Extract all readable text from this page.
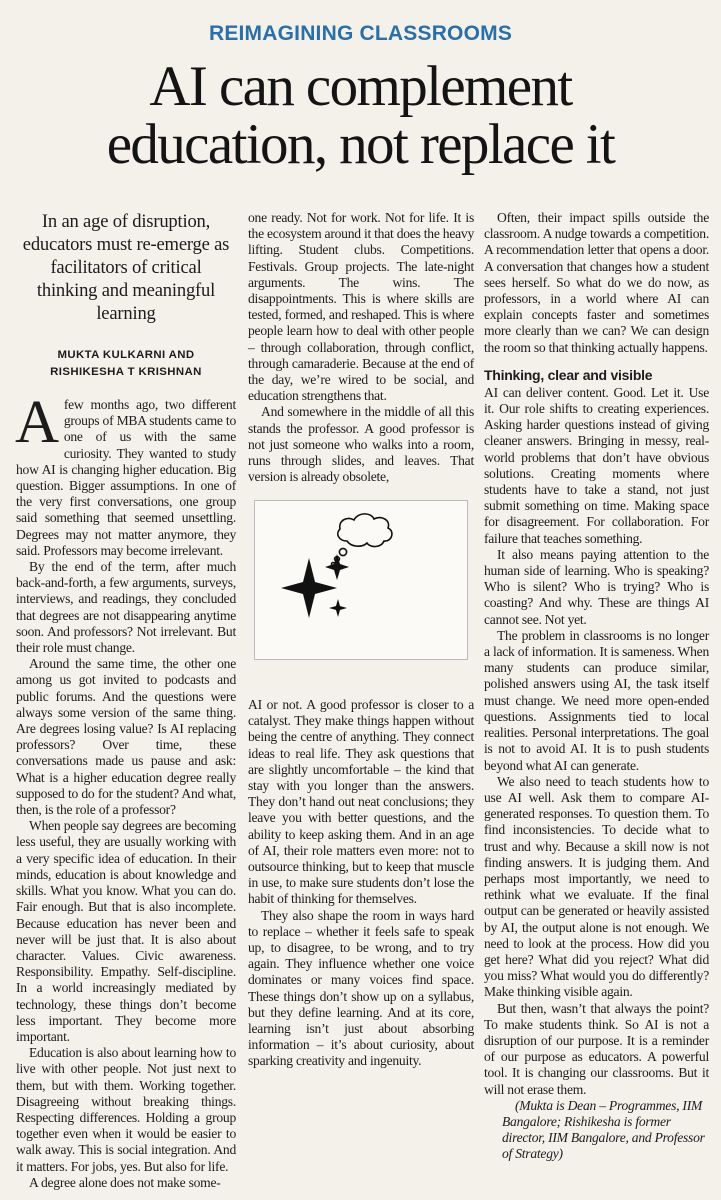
REIMAGINING CLASSROOMS
AI can complement
education, not replace it
In an age of disruption, educators must re-emerge as facilitators of critical thinking and meaningful learning
MUKTA KULKARNI AND
RISHIKESHA T KRISHNAN

Afew months ago, two different groups of MBA students came to one of us with the same curiosity. They wanted to study how AI is changing higher education. Big question. Bigger assumptions. In one of the very first conversations, one group said something that seemed unsettling. Degrees may not matter anymore, they said. Professors may become irrelevant.

By the end of the term, after much back-and-forth, a few arguments, surveys, interviews, and readings, they concluded that degrees are not disappearing anytime soon. And professors? Not irrelevant. But their role must change.

Around the same time, the other one among us got invited to podcasts and public forums. And the questions were always some version of the same thing. Are degrees losing value? Is AI replacing professors? Over time, these conversations made us pause and ask: What is a higher education degree really supposed to do for the student? And what, then, is the role of a professor?

When people say degrees are becoming less useful, they are usually working with a very specific idea of education. In their minds, education is about knowledge and skills. What you know. What you can do. Fair enough. But that is also incomplete. Because education has never been and never will be just that. It is also about character. Values. Civic awareness. Responsibility. Empathy. Self-discipline. In a world increasingly mediated by technology, these things don’t become less important. They become more important.

Education is also about learning how to live with other people. Not just next to them, but with them. Working together. Disagreeing without breaking things. Respecting differences. Holding a group together even when it would be easier to walk away. This is social integration. And it matters. For jobs, yes. But also for life.

A degree alone does not make some-

one ready. Not for work. Not for life. It is the ecosystem around it that does the heavy lifting. Student clubs. Competitions. Festivals. Group projects. The late-night arguments. The wins. The disappointments. This is where skills are tested, formed, and reshaped. This is where people learn how to deal with other people – through collaboration, through conflict, through camaraderie. Because at the end of the day, we’re wired to be social, and education strengthens that.

And somewhere in the middle of all this stands the professor. A good professor is not just someone who walks into a room, runs through slides, and leaves. That version is already obsolete,

AI or not. A good professor is closer to a catalyst. They make things happen without being the centre of anything. They connect ideas to real life. They ask questions that are slightly uncomfortable – the kind that stay with you longer than the answers. They don’t hand out neat conclusions; they leave you with better questions, and the ability to keep asking them. And in an age of AI, their role matters even more: not to outsource thinking, but to keep that muscle in use, to make sure students don’t lose the habit of thinking for themselves.

They also shape the room in ways hard to replace – whether it feels safe to speak up, to disagree, to be wrong, and to try again. They influence whether one voice dominates or many voices find space. These things don’t show up on a syllabus, but they define learning. And at its core, learning isn’t just about absorbing information – it’s about curiosity, about sparking creativity and ingenuity.

Often, their impact spills outside the classroom. A nudge towards a competition. A recommendation letter that opens a door. A conversation that changes how a student sees herself. So what do we do now, as professors, in a world where AI can explain concepts faster and sometimes more clearly than we can? We can design the room so that thinking actually happens.

Thinking, clear and visible

AI can deliver content. Good. Let it. Use it. Our role shifts to creating experiences. Asking harder questions instead of giving cleaner answers. Bringing in messy, real-world problems that don’t have obvious solutions. Creating moments where students have to take a stand, not just submit something on time. Making space for disagreement. For collaboration. For failure that teaches something.

It also means paying attention to the human side of learning. Who is speaking? Who is silent? Who is trying? Who is coasting? And why. These are things AI cannot see. Not yet.

The problem in classrooms is no longer a lack of information. It is sameness. When many students can produce similar, polished answers using AI, the task itself must change. We need more open-ended questions. Assignments tied to local realities. Personal interpretations. The goal is not to avoid AI. It is to push students beyond what AI can generate.

We also need to teach students how to use AI well. Ask them to compare AI-generated responses. To question them. To find inconsistencies. To decide what to trust and why. Because a skill now is not finding answers. It is judging them. And perhaps most importantly, we need to rethink what we evaluate. If the final output can be generated or heavily assisted by AI, the output alone is not enough. We need to look at the process. How did you get here? What did you reject? What did you miss? What would you do differently? Make thinking visible again.

But then, wasn’t that always the point? To make students think. So AI is not a disruption of our purpose. It is a reminder of our purpose as educators. A powerful tool. It is changing our classrooms. But it will not erase them.

(Mukta is Dean – Programmes, IIM Bangalore; Rishikesha is former director, IIM Bangalore, and Professor of Strategy)
